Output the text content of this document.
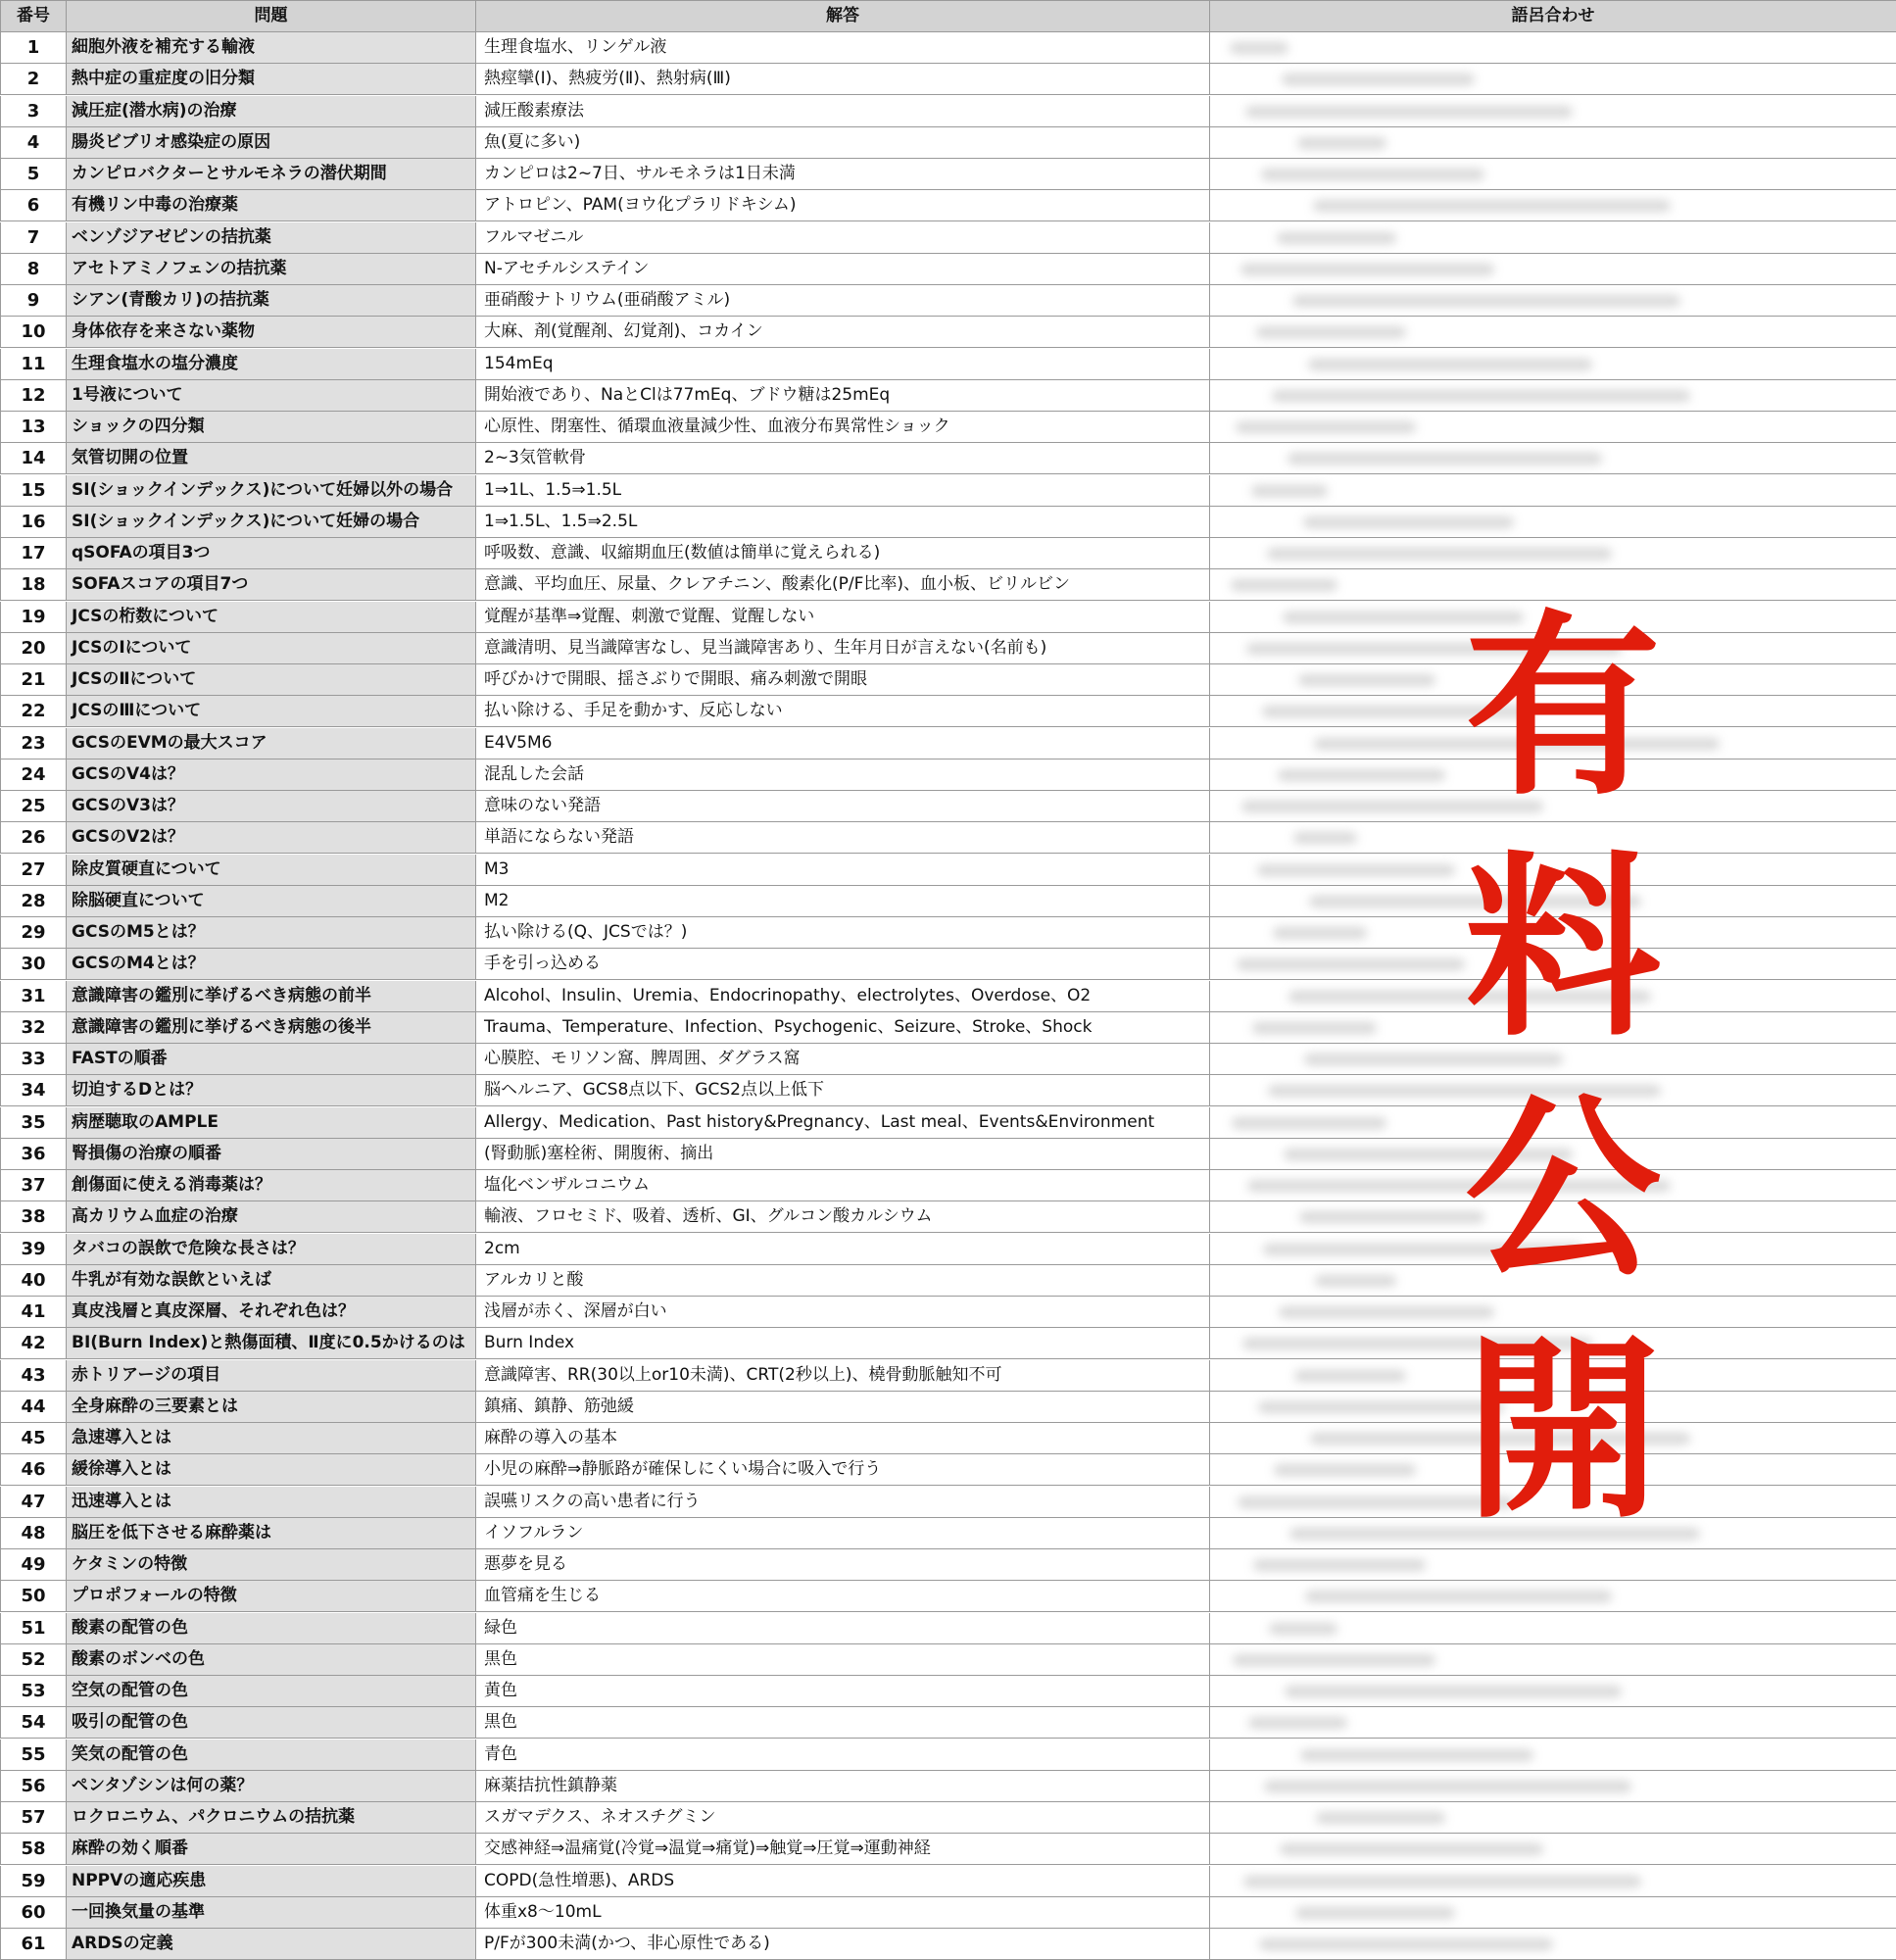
番号	問題	解答	語呂合わせ
1	細胞外液を補充する輸液	生理食塩水、リンゲル液
2	熱中症の重症度の旧分類	熱痙攣(Ⅰ)、熱疲労(Ⅱ)、熱射病(Ⅲ)
3	減圧症(潜水病)の治療	減圧酸素療法
4	腸炎ビブリオ感染症の原因	魚(夏に多い)
5	カンピロバクターとサルモネラの潜伏期間	カンピロは2~7日、サルモネラは1日未満
6	有機リン中毒の治療薬	アトロピン、PAM(ヨウ化プラリドキシム)
7	ベンゾジアゼピンの拮抗薬	フルマゼニル
8	アセトアミノフェンの拮抗薬	N-アセチルシステイン
9	シアン(青酸カリ)の拮抗薬	亜硝酸ナトリウム(亜硝酸アミル)
10	身体依存を来さない薬物	大麻、剤(覚醒剤、幻覚剤)、コカイン
11	生理食塩水の塩分濃度	154mEq
12	1号液について	開始液であり、NaとClは77mEq、ブドウ糖は25mEq
13	ショックの四分類	心原性、閉塞性、循環血液量減少性、血液分布異常性ショック
14	気管切開の位置	2~3気管軟骨
15	SI(ショックインデックス)について妊婦以外の場合	1⇒1L、1.5⇒1.5L
16	SI(ショックインデックス)について妊婦の場合	1⇒1.5L、1.5⇒2.5L
17	qSOFAの項目3つ	呼吸数、意識、収縮期血圧(数値は簡単に覚えられる)
18	SOFAスコアの項目7つ	意識、平均血圧、尿量、クレアチニン、酸素化(P/F比率)、血小板、ビリルビン
19	JCSの桁数について	覚醒が基準⇒覚醒、刺激で覚醒、覚醒しない
20	JCSのⅠについて	意識清明、見当識障害なし、見当識障害あり、生年月日が言えない(名前も)
21	JCSのⅡについて	呼びかけで開眼、揺さぶりで開眼、痛み刺激で開眼
22	JCSのⅢについて	払い除ける、手足を動かす、反応しない
23	GCSのEVMの最大スコア	E4V5M6
24	GCSのV4は？	混乱した会話
25	GCSのV3は？	意味のない発語
26	GCSのV2は？	単語にならない発語
27	除皮質硬直について	M3
28	除脳硬直について	M2
29	GCSのM5とは？	払い除ける(Q、JCSでは？)
30	GCSのM4とは？	手を引っ込める
31	意識障害の鑑別に挙げるべき病態の前半	Alcohol、Insulin、Uremia、Endocrinopathy、electrolytes、Overdose、O2
32	意識障害の鑑別に挙げるべき病態の後半	Trauma、Temperature、Infection、Psychogenic、Seizure、Stroke、Shock
33	FASTの順番	心膜腔、モリソン窩、脾周囲、ダグラス窩
34	切迫するDとは？	脳ヘルニア、GCS8点以下、GCS2点以上低下
35	病歴聴取のAMPLE	Allergy、Medication、Past history&Pregnancy、Last meal、Events&Environment
36	腎損傷の治療の順番	(腎動脈)塞栓術、開腹術、摘出
37	創傷面に使える消毒薬は？	塩化ベンザルコニウム
38	高カリウム血症の治療	輸液、フロセミド、吸着、透析、GI、グルコン酸カルシウム
39	タバコの誤飲で危険な長さは？	2cm
40	牛乳が有効な誤飲といえば	アルカリと酸
41	真皮浅層と真皮深層、それぞれ色は？	浅層が赤く、深層が白い
42	BI(Burn Index)と熱傷面積、Ⅱ度に0.5かけるのは	Burn Index
43	赤トリアージの項目	意識障害、RR(30以上or10未満)、CRT(2秒以上)、橈骨動脈触知不可
44	全身麻酔の三要素とは	鎮痛、鎮静、筋弛緩
45	急速導入とは	麻酔の導入の基本
46	緩徐導入とは	小児の麻酔⇒静脈路が確保しにくい場合に吸入で行う
47	迅速導入とは	誤嚥リスクの高い患者に行う
48	脳圧を低下させる麻酔薬は	イソフルラン
49	ケタミンの特徴	悪夢を見る
50	プロポフォールの特徴	血管痛を生じる
51	酸素の配管の色	緑色
52	酸素のボンベの色	黒色
53	空気の配管の色	黄色
54	吸引の配管の色	黒色
55	笑気の配管の色	青色
56	ペンタゾシンは何の薬？	麻薬拮抗性鎮静薬
57	ロクロニウム、パクロニウムの拮抗薬	スガマデクス、ネオスチグミン
58	麻酔の効く順番	交感神経⇒温痛覚(冷覚⇒温覚⇒痛覚)⇒触覚⇒圧覚⇒運動神経
59	NPPVの適応疾患	COPD(急性増悪)、ARDS
60	一回換気量の基準	体重x8〜10mL
61	ARDSの定義	P/Fが300未満(かつ、非心原性である)
有
料
公
開
